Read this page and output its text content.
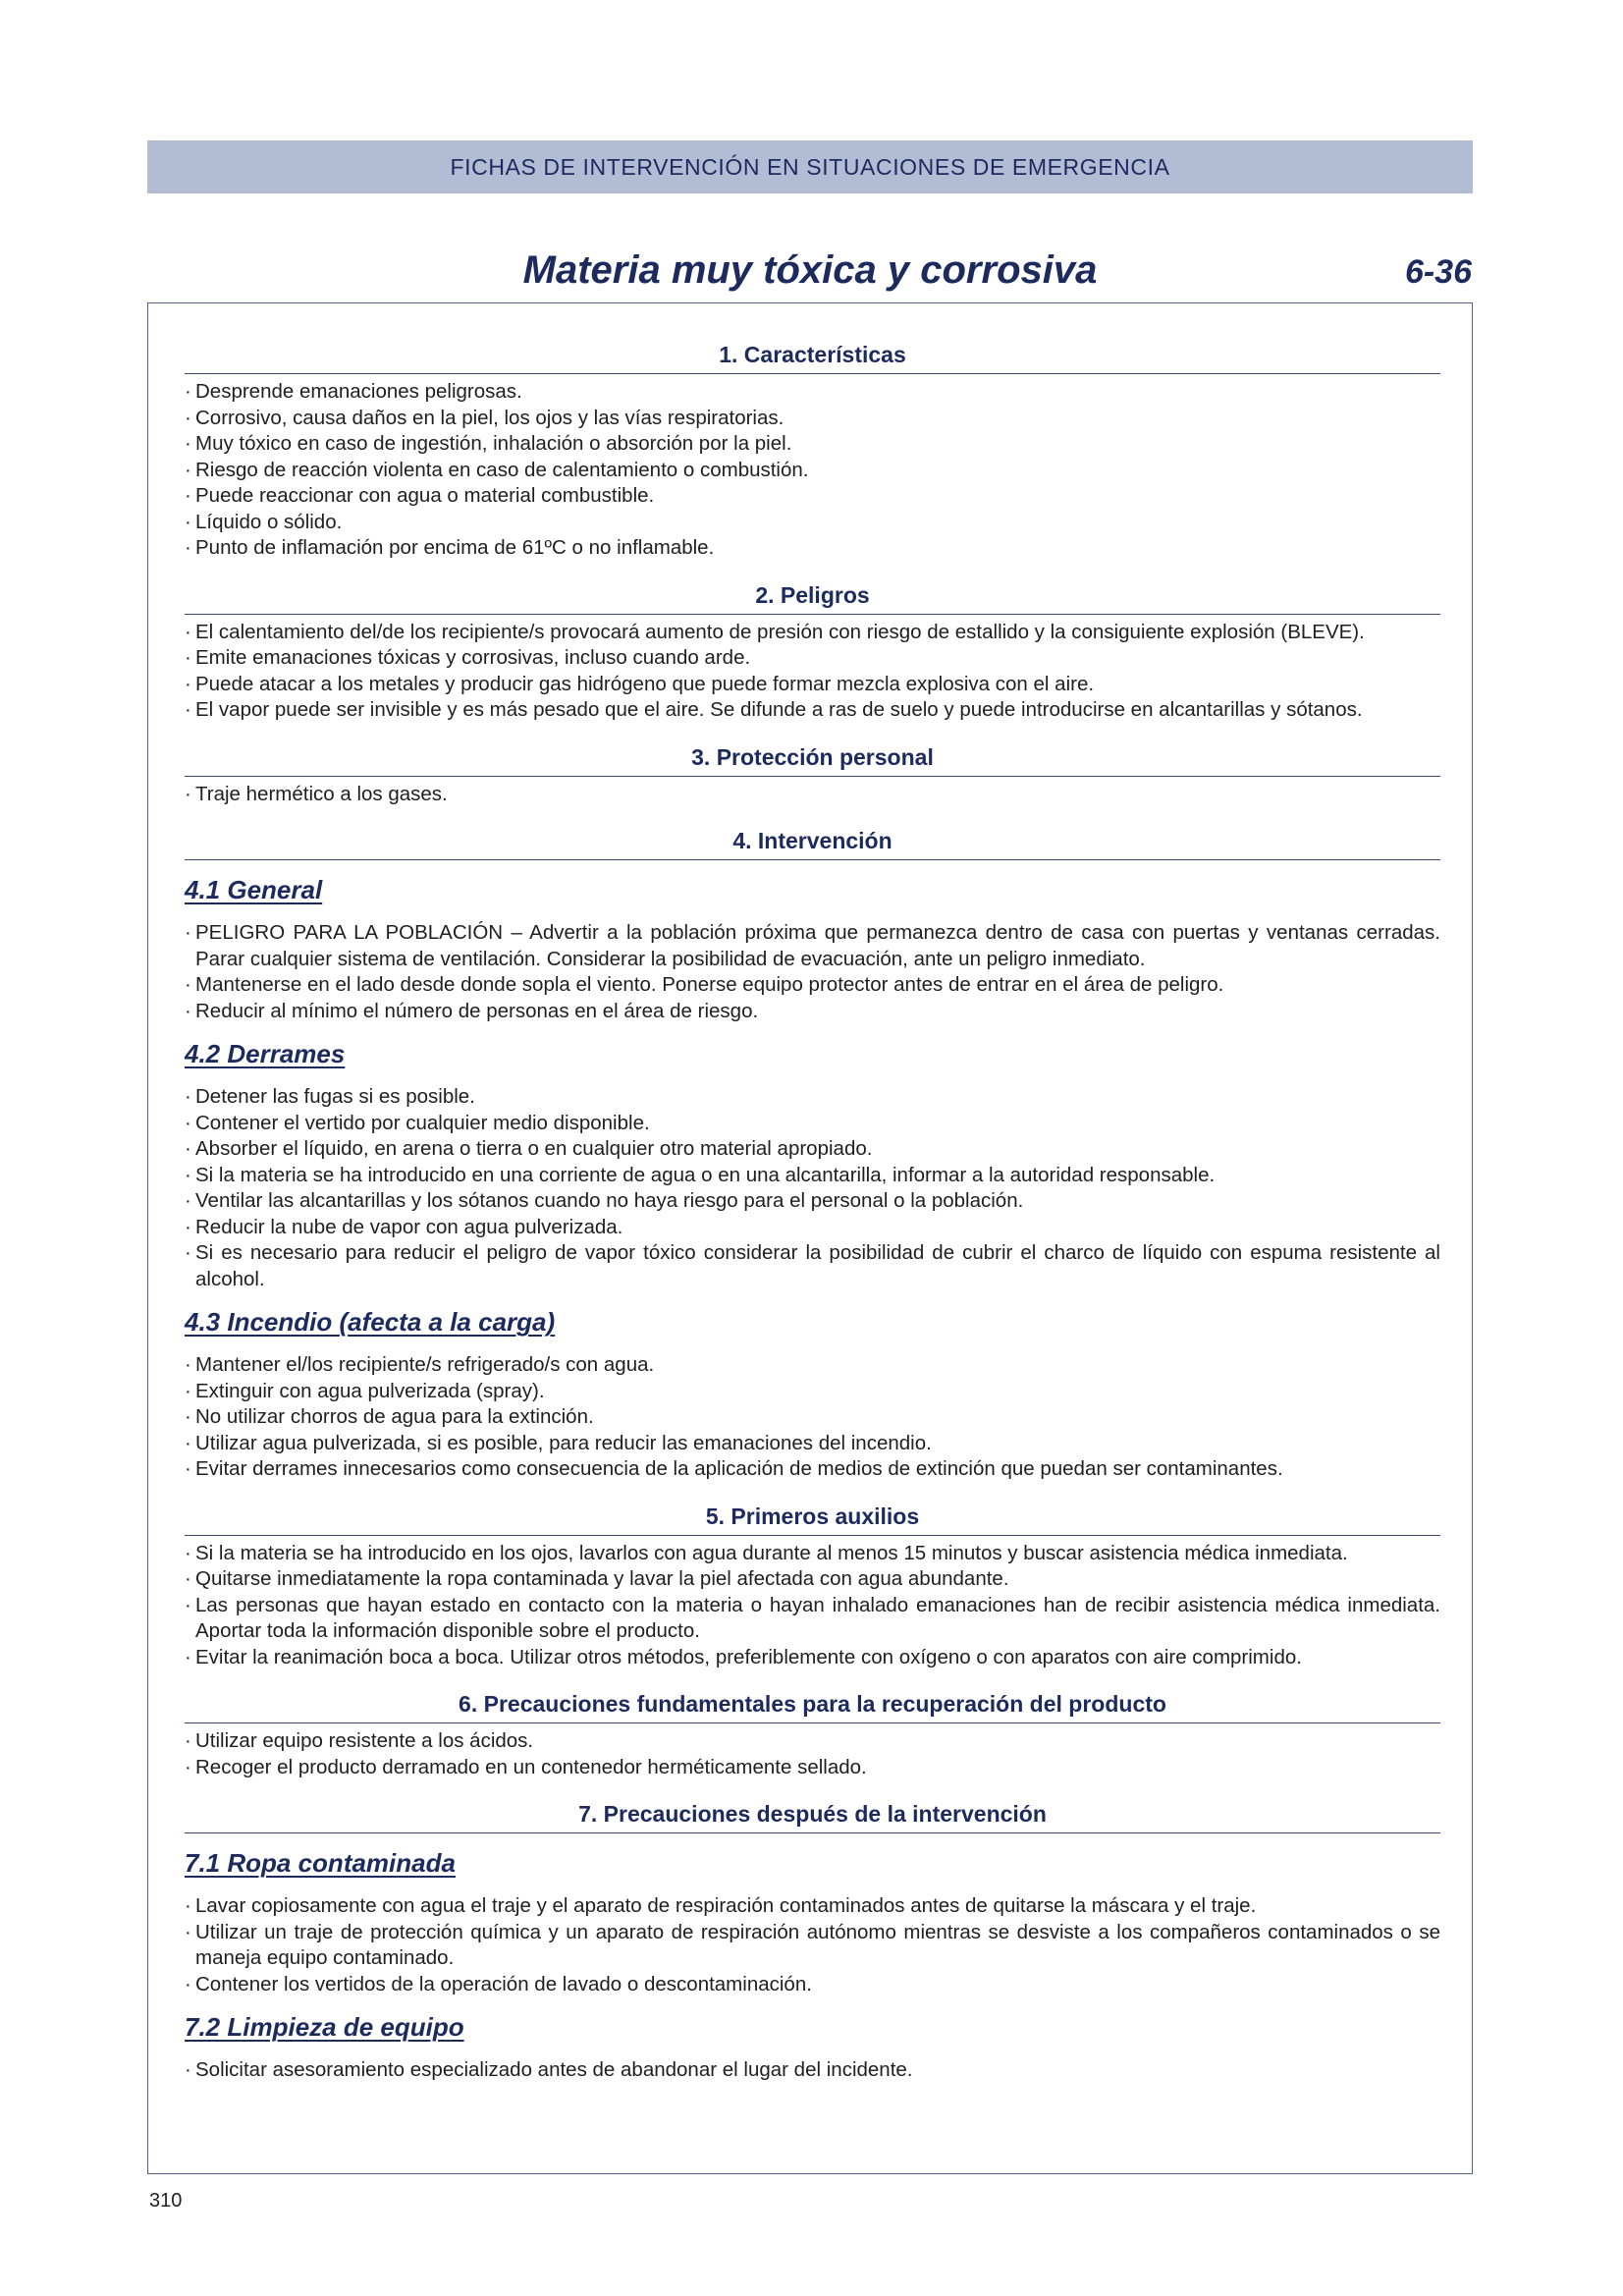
FICHAS DE INTERVENCIÓN EN SITUACIONES DE EMERGENCIA
Materia muy tóxica y corrosiva	6-36
1. Características
· Desprende emanaciones peligrosas.
· Corrosivo, causa daños en la piel, los ojos y las vías respiratorias.
· Muy tóxico en caso de ingestión, inhalación o absorción por la piel.
· Riesgo de reacción violenta en caso de calentamiento o combustión.
· Puede reaccionar con agua o material combustible.
· Líquido o sólido.
· Punto de inflamación por encima de 61ºC o no inflamable.
2. Peligros
· El calentamiento del/de los recipiente/s provocará aumento de presión con riesgo de estallido y la consiguiente explosión (BLEVE).
· Emite emanaciones tóxicas y corrosivas, incluso cuando arde.
· Puede atacar a los metales y producir gas hidrógeno que puede formar mezcla explosiva con el aire.
· El vapor puede ser invisible y es más pesado que el aire. Se difunde a ras de suelo y puede introducirse en alcantarillas y sótanos.
3. Protección personal
· Traje hermético a los gases.
4. Intervención
4.1 General
· PELIGRO PARA LA POBLACIÓN – Advertir a la población próxima que permanezca dentro de casa con puertas y ventanas cerradas. Parar cualquier sistema de ventilación. Considerar la posibilidad de evacuación, ante un peligro inmediato.
· Mantenerse en el lado desde donde sopla el viento. Ponerse equipo protector antes de entrar en el área de peligro.
· Reducir al mínimo el número de personas en el área de riesgo.
4.2 Derrames
· Detener las fugas si es posible.
· Contener el vertido por cualquier medio disponible.
· Absorber el líquido, en arena o tierra o en cualquier otro material apropiado.
· Si la materia se ha introducido en una corriente de agua o en una alcantarilla, informar a la autoridad responsable.
· Ventilar las alcantarillas y los sótanos cuando no haya riesgo para el personal o la población.
· Reducir la nube de vapor con agua pulverizada.
· Si es necesario para reducir el peligro de vapor tóxico considerar la posibilidad de cubrir el charco de líquido con espuma resistente al alcohol.
4.3 Incendio (afecta a la carga)
· Mantener el/los recipiente/s refrigerado/s con agua.
· Extinguir con agua pulverizada (spray).
· No utilizar chorros de agua para la extinción.
· Utilizar agua pulverizada, si es posible, para reducir las emanaciones del incendio.
· Evitar derrames innecesarios como consecuencia de la aplicación de medios de extinción que puedan ser contaminantes.
5. Primeros auxilios
· Si la materia se ha introducido en los ojos, lavarlos con agua durante al menos 15 minutos y buscar asistencia médica inmediata.
· Quitarse inmediatamente la ropa contaminada y lavar la piel afectada con agua abundante.
· Las personas que hayan estado en contacto con la materia o hayan inhalado emanaciones han de recibir asistencia médica inmediata. Aportar toda la información disponible sobre el producto.
· Evitar la reanimación boca a boca. Utilizar otros métodos, preferiblemente con oxígeno o con aparatos con aire comprimido.
6. Precauciones fundamentales para la recuperación del producto
· Utilizar equipo resistente a los ácidos.
· Recoger el producto derramado en un contenedor herméticamente sellado.
7. Precauciones después de la intervención
7.1 Ropa contaminada
· Lavar copiosamente con agua el traje y el aparato de respiración contaminados antes de quitarse la máscara y el traje.
· Utilizar un traje de protección química y un aparato de respiración autónomo mientras se desviste a los compañeros contaminados o se maneja equipo contaminado.
· Contener los vertidos de la operación de lavado o descontaminación.
7.2 Limpieza de equipo
· Solicitar asesoramiento especializado antes de abandonar el lugar del incidente.
310
